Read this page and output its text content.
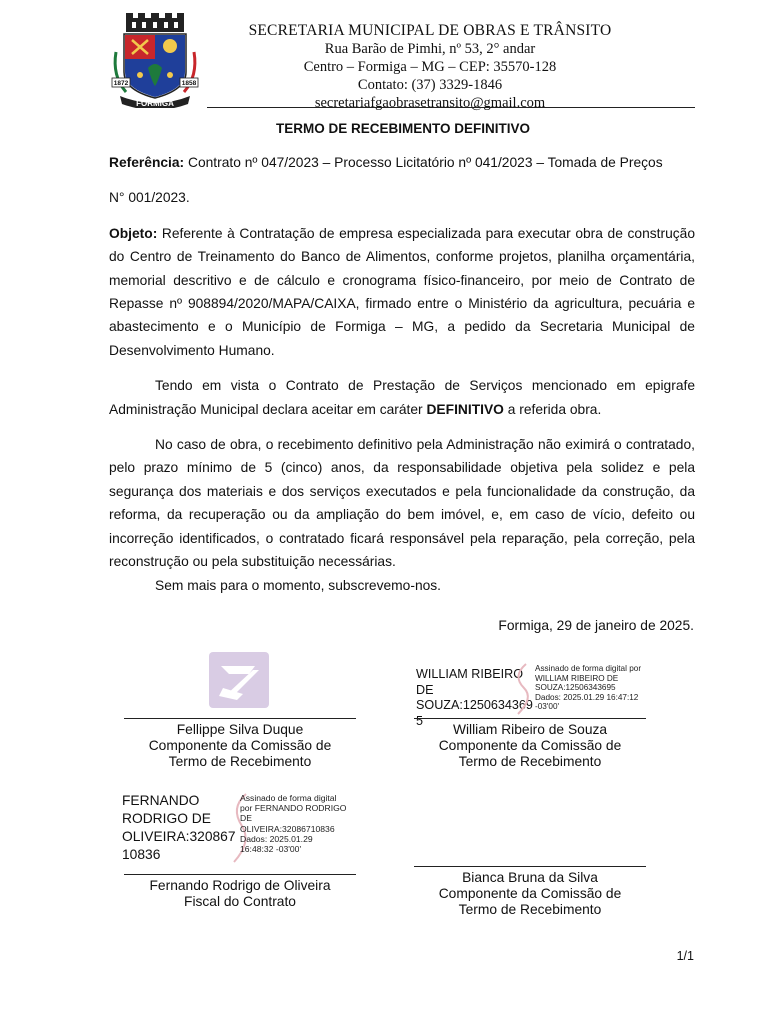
1872	1858
FORMIGA
SECRETARIA MUNICIPAL DE OBRAS E TRÂNSITO
Rua Barão de Pimhi, nº 53, 2° andar
Centro – Formiga – MG – CEP: 35570-128
Contato: (37) 3329-1846
secretariafgaobrasetransito@gmail.com
TERMO DE RECEBIMENTO DEFINITIVO

Referência: Contrato nº 047/2023 – Processo Licitatório nº 041/2023 – Tomada de Preços

N° 001/2023.

Objeto: Referente à Contratação de empresa especializada para executar obra de construção do Centro de Treinamento do Banco de Alimentos, conforme projetos, planilha orçamentária, memorial descritivo e de cálculo e cronograma físico-financeiro, por meio de Contrato de Repasse nº 908894/2020/MAPA/CAIXA, firmado entre o Ministério da agricultura, pecuária e abastecimento e o Município de Formiga – MG, a pedido da Secretaria Municipal de Desenvolvimento Humano.

Tendo em vista o Contrato de Prestação de Serviços mencionado em epigrafe Administração Municipal declara aceitar em caráter DEFINITIVO a referida obra.

No caso de obra, o recebimento definitivo pela Administração não eximirá o contratado, pelo prazo mínimo de 5 (cinco) anos, da responsabilidade objetiva pela solidez e pela segurança dos materiais e dos serviços executados e pela funcionalidade da construção, da reforma, da recuperação ou da ampliação do bem imóvel, e, em caso de vício, defeito ou incorreção identificados, o contratado ficará responsável pela reparação, pela correção, pela reconstrução ou pela substituição necessárias.

Sem mais para o momento, subscrevemo-nos.

Formiga, 29 de janeiro de 2025.
Fellippe Silva Duque
Componente da Comissão de
Termo de Recebimento
WILLIAM RIBEIRO DE
SOUZA:1250634369
5
Assinado de forma digital por
WILLIAM RIBEIRO DE
SOUZA:12506343695
Dados: 2025.01.29 16:47:12
-03'00'
William Ribeiro de Souza
Componente da Comissão de
Termo de Recebimento
FERNANDO
RODRIGO DE
OLIVEIRA:320867
10836
Assinado de forma digital
por FERNANDO RODRIGO
DE
OLIVEIRA:32086710836
Dados: 2025.01.29
16:48:32 -03'00'
Fernando Rodrigo de Oliveira
Fiscal do Contrato
Bianca Bruna da Silva
Componente da Comissão de
Termo de Recebimento
1/1
